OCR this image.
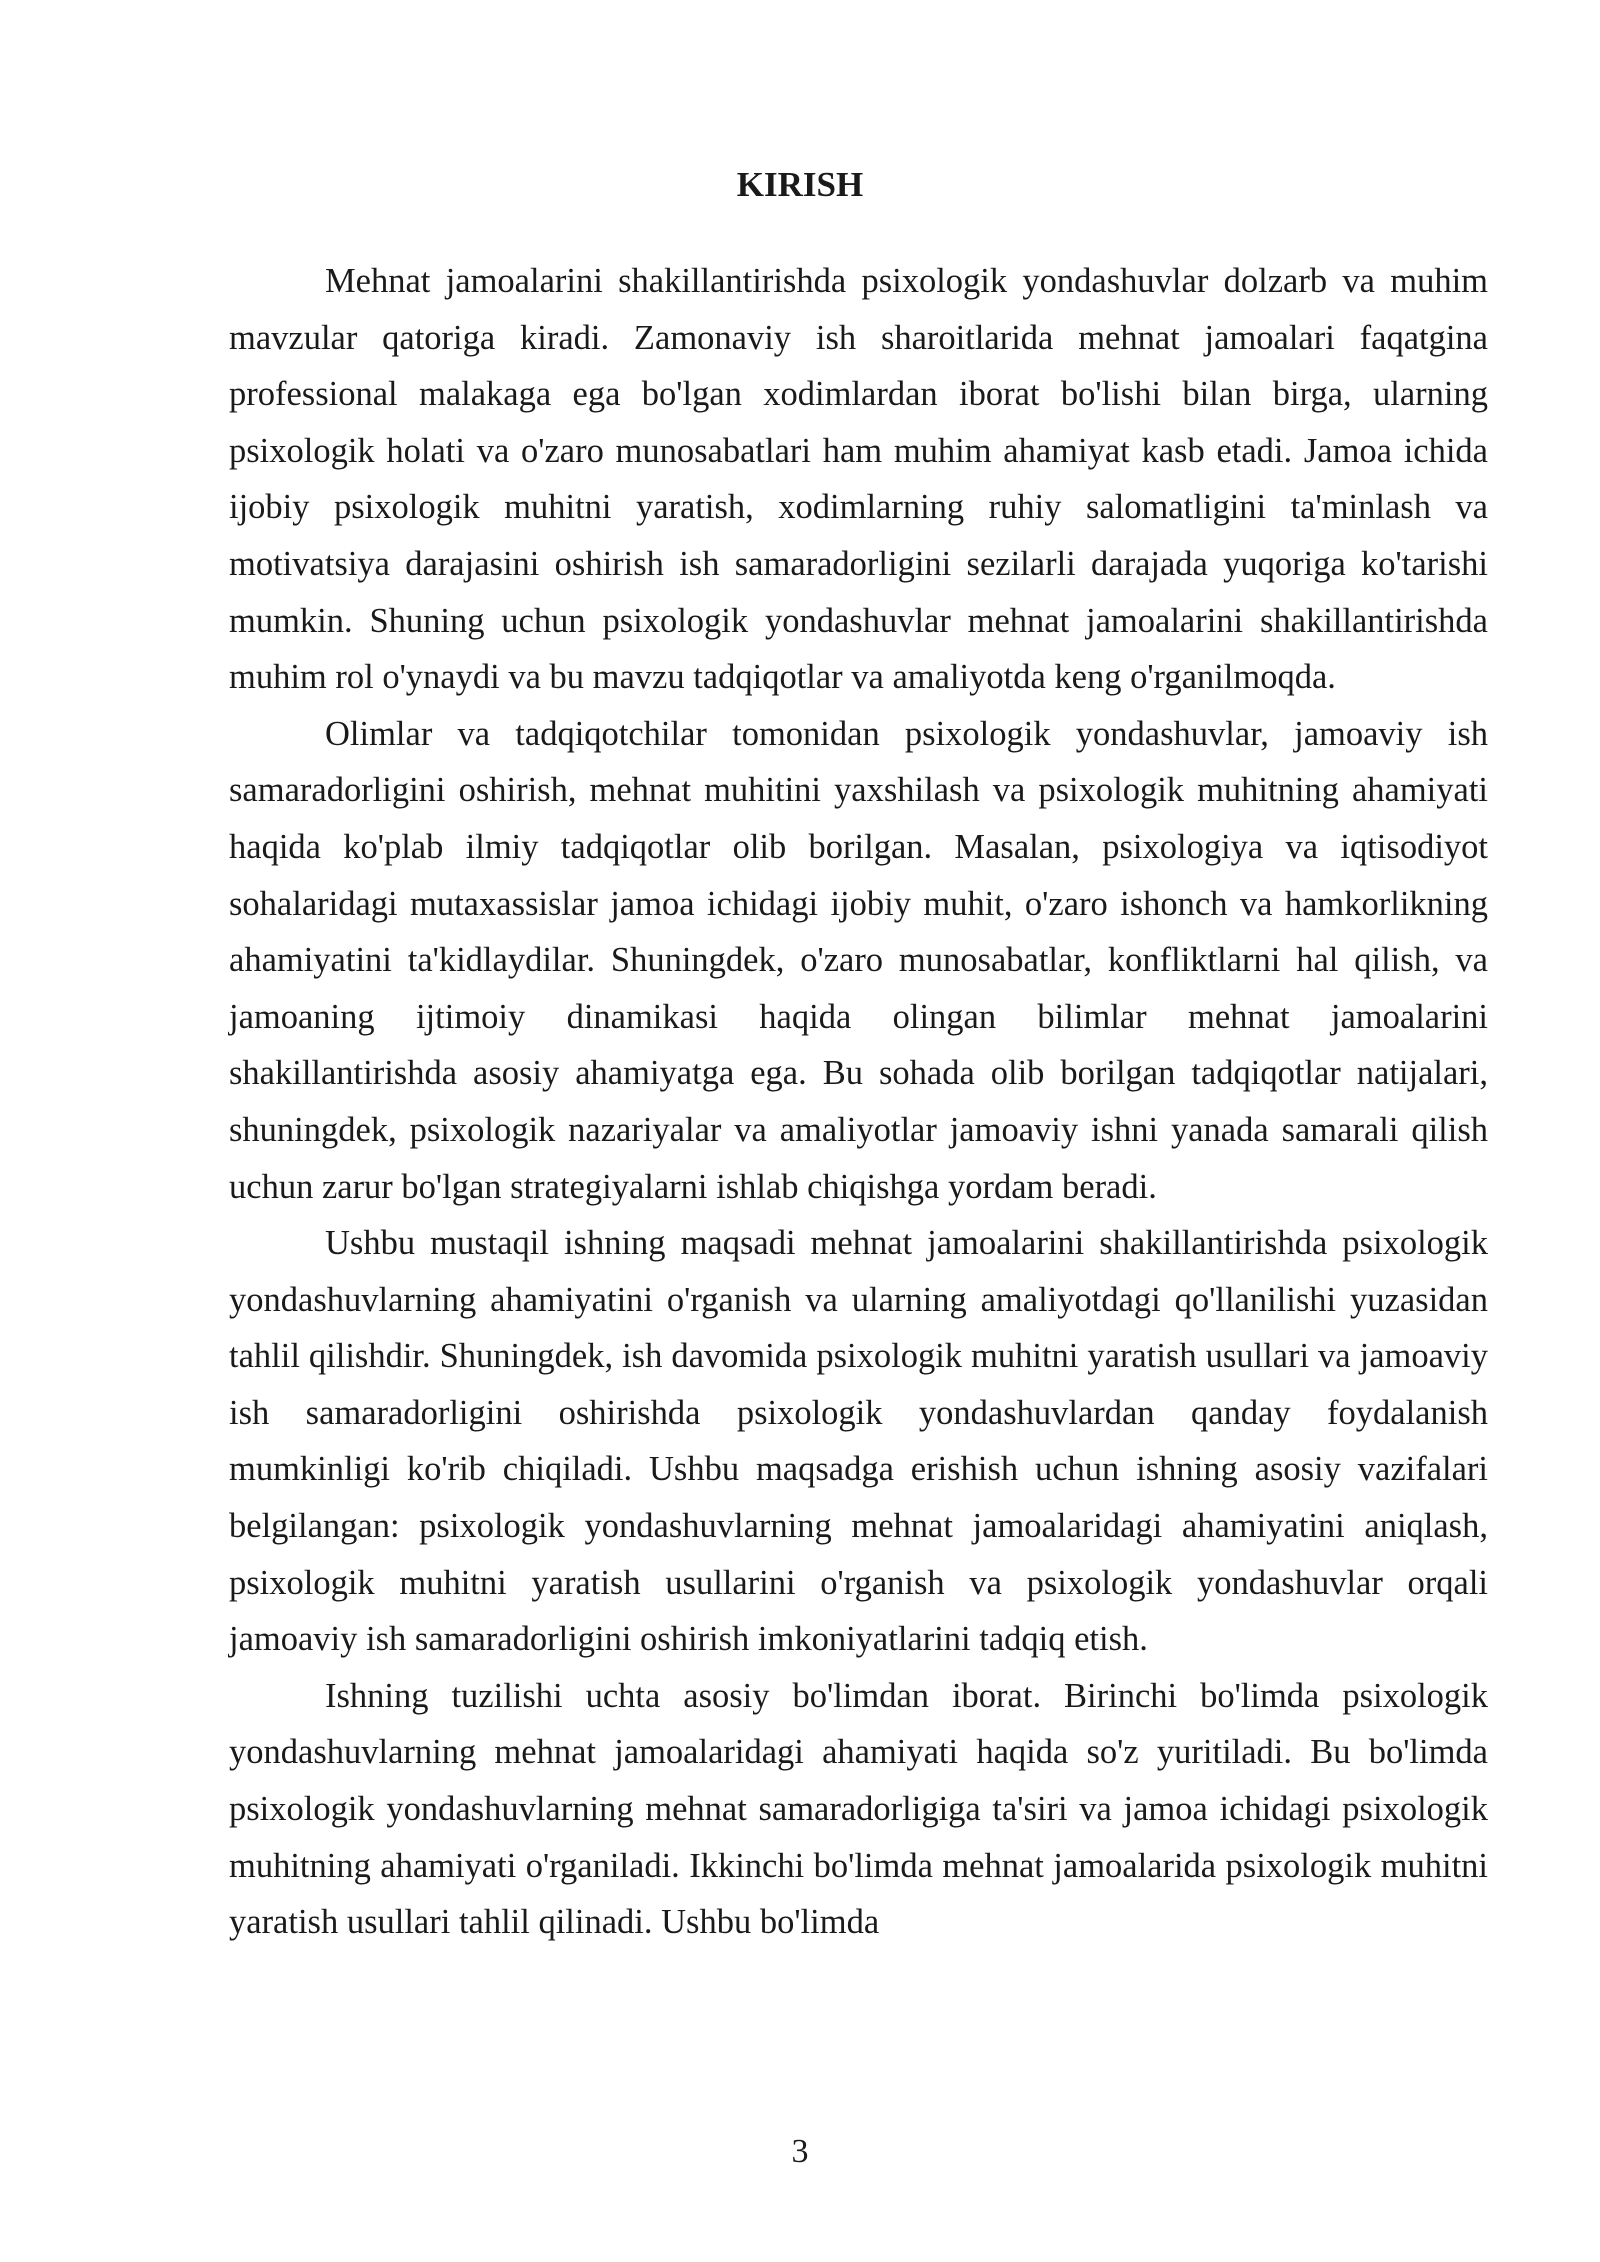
KIRISH

Mehnat jamoalarini shakillantirishda psixologik yondashuvlar dolzarb va muhim mavzular qatoriga kiradi. Zamonaviy ish sharoitlarida mehnat jamoalari faqatgina professional malakaga ega bo'lgan xodimlardan iborat bo'lishi bilan birga, ularning psixologik holati va o'zaro munosabatlari ham muhim ahamiyat kasb etadi. Jamoa ichida ijobiy psixologik muhitni yaratish, xodimlarning ruhiy salomatligini ta'minlash va motivatsiya darajasini oshirish ish samaradorligini sezilarli darajada yuqoriga ko'tarishi mumkin. Shuning uchun psixologik yondashuvlar mehnat jamoalarini shakillantirishda muhim rol o'ynaydi va bu mavzu tadqiqotlar va amaliyotda keng o'rganilmoqda.

Olimlar va tadqiqotchilar tomonidan psixologik yondashuvlar, jamoaviy ish samaradorligini oshirish, mehnat muhitini yaxshilash va psixologik muhitning ahamiyati haqida ko'plab ilmiy tadqiqotlar olib borilgan. Masalan, psixologiya va iqtisodiyot sohalaridagi mutaxassislar jamoa ichidagi ijobiy muhit, o'zaro ishonch va hamkorlikning ahamiyatini ta'kidlaydilar. Shuningdek, o'zaro munosabatlar, konfliktlarni hal qilish, va jamoaning ijtimoiy dinamikasi haqida olingan bilimlar mehnat jamoalarini shakillantirishda asosiy ahamiyatga ega. Bu sohada olib borilgan tadqiqotlar natijalari, shuningdek, psixologik nazariyalar va amaliyotlar jamoaviy ishni yanada samarali qilish uchun zarur bo'lgan strategiyalarni ishlab chiqishga yordam beradi.

Ushbu mustaqil ishning maqsadi mehnat jamoalarini shakillantirishda psixologik yondashuvlarning ahamiyatini o'rganish va ularning amaliyotdagi qo'llanilishi yuzasidan tahlil qilishdir. Shuningdek, ish davomida psixologik muhitni yaratish usullari va jamoaviy ish samaradorligini oshirishda psixologik yondashuvlardan qanday foydalanish mumkinligi ko'rib chiqiladi. Ushbu maqsadga erishish uchun ishning asosiy vazifalari belgilangan: psixologik yondashuvlarning mehnat jamoalaridagi ahamiyatini aniqlash, psixologik muhitni yaratish usullarini o'rganish va psixologik yondashuvlar orqali jamoaviy ish samaradorligini oshirish imkoniyatlarini tadqiq etish.

Ishning tuzilishi uchta asosiy bo'limdan iborat. Birinchi bo'limda psixologik yondashuvlarning mehnat jamoalaridagi ahamiyati haqida so'z yuritiladi. Bu bo'limda psixologik yondashuvlarning mehnat samaradorligiga ta'siri va jamoa ichidagi psixologik muhitning ahamiyati o'rganiladi. Ikkinchi bo'limda mehnat jamoalarida psixologik muhitni yaratish usullari tahlil qilinadi. Ushbu bo'limda

3
